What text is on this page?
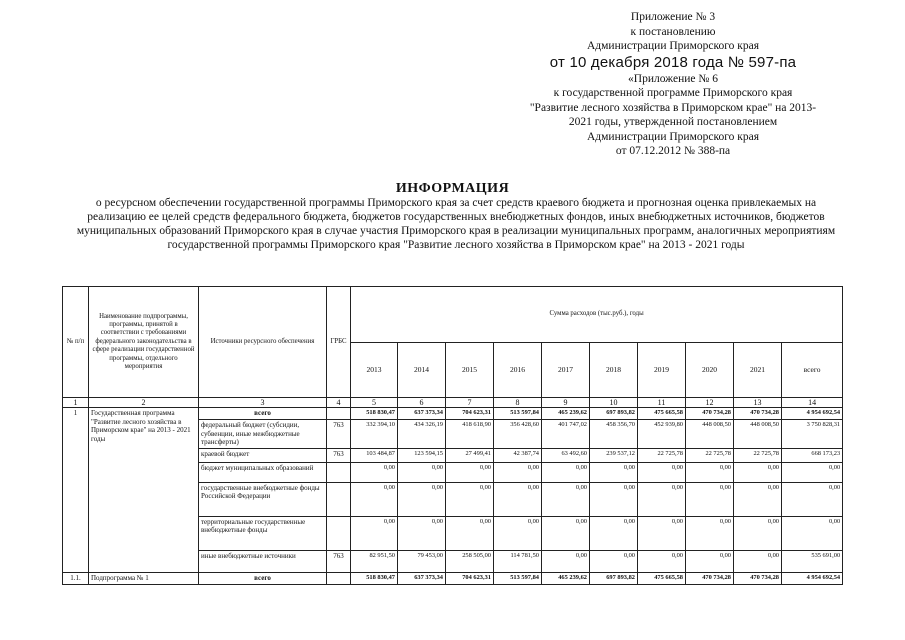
Приложение № 3
к постановлению
Администрации Приморского края
от 10 декабря 2018 года № 597-па
«Приложение № 6
к государственной программе Приморского края
"Развитие лесного хозяйства в Приморском крае" на 2013-
2021 годы, утвержденной постановлением
Администрации Приморского края
от 07.12.2012 № 388-па
ИНФОРМАЦИЯ
о ресурсном обеспечении государственной программы Приморского края за счет средств краевого бюджета и прогнозная оценка привлекаемых на реализацию ее целей средств федерального бюджета, бюджетов государственных внебюджетных фондов, иных внебюджетных источников, бюджетов муниципальных образований Приморского края в случае участия Приморского края в реализации муниципальных программ, аналогичных мероприятиям государственной программы Приморского края "Развитие лесного хозяйства в Приморском крае" на 2013 - 2021 годы
№ п/п	Наименование подпрограммы, программы, принятой в соответствии с требованиями федерального законодательства в сфере реализации государственной программы, отдельного мероприятия	Источники ресурсного обеспечения	ГРБС	Сумма расходов (тыс.руб.), годы									
				2013	2014	2015	2016	2017	2018	2019	2020	2021	всего
1	2	3	4	5	6	7	8	9	10	11	12	13	14
1	Государственная программа "Развитие лесного хозяйства в Приморском крае" на 2013 - 2021 годы	всего		518 830,47	637 373,34	704 623,31	513 597,84	465 239,62	697 893,82	475 665,58	470 734,28	470 734,28	4 954 692,54
		федеральный бюджет (субсидии, субвенции, иные межбюджетные трансферты)	763	332 394,10	434 326,19	418 618,90	356 428,60	401 747,02	458 356,70	452 939,80	448 008,50	448 008,50	3 750 828,31
		краевой бюджет	763	103 484,87	123 594,15	27 499,41	42 387,74	63 492,60	239 537,12	22 725,78	22 725,78	22 725,78	668 173,23
		бюджет муниципальных образований		0,00	0,00	0,00	0,00	0,00	0,00	0,00	0,00	0,00	0,00
		государственные внебюджетные фонды Российской Федерации		0,00	0,00	0,00	0,00	0,00	0,00	0,00	0,00	0,00	0,00
		территориальные государственные внебюджетные фонды		0,00	0,00	0,00	0,00	0,00	0,00	0,00	0,00	0,00	0,00
		иные внебюджетные источники	763	82 951,50	79 453,00	258 505,00	114 781,50	0,00	0,00	0,00	0,00	0,00	535 691,00
1.1.	Подпрограмма № 1	всего		518 830,47	637 373,34	704 623,31	513 597,84	465 239,62	697 893,82	475 665,58	470 734,28	470 734,28	4 954 692,54
